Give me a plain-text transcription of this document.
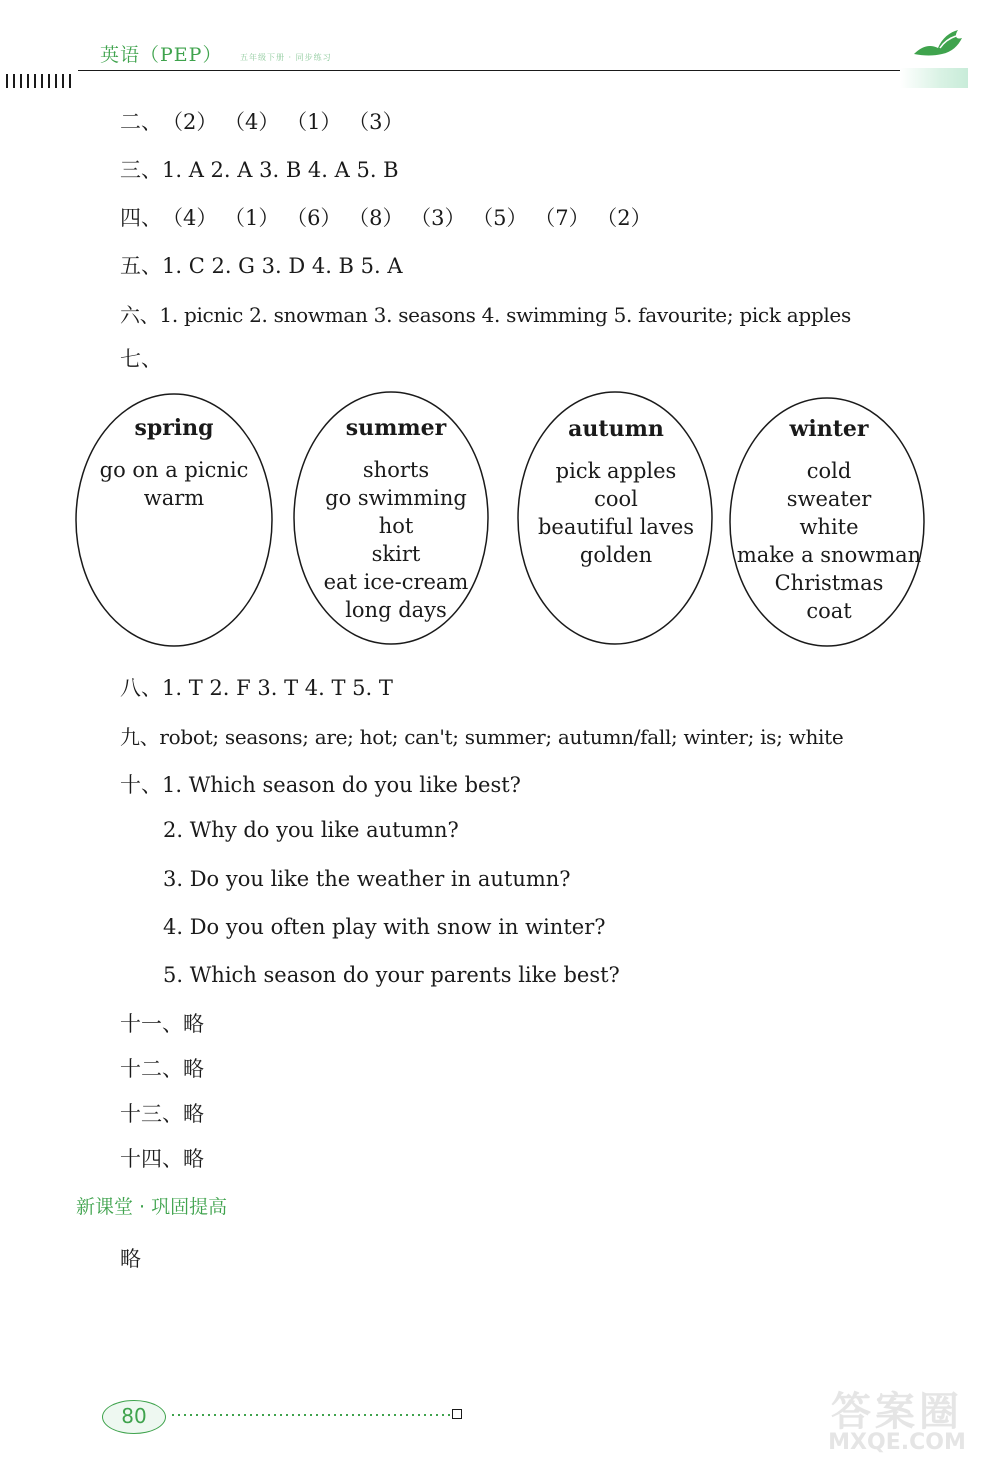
英语（PEP） 五年级下册 · 同步练习
二、（2） （4） （1） （3）
三、1. A 2. A 3. B 4. A 5. B
四、（4） （1） （6） （8） （3） （5） （7） （2）
五、1. C 2. G 3. D 4. B 5. A
六、1. picnic 2. snowman 3. seasons 4. swimming 5. favourite; pick apples
七、
spring
go on a picnic
warm
summer
shorts
go swimming
hot
skirt
eat ice-cream
long days
autumn
pick apples
cool
beautiful laves
golden
winter
cold
sweater
white
make a snowman
Christmas
coat
八、1. T 2. F 3. T 4. T 5. T
九、robot; seasons; are; hot; can't; summer; autumn/fall; winter; is; white
十、1. Which season do you like best?
2. Why do you like autumn?
3. Do you like the weather in autumn?
4. Do you often play with snow in winter?
5. Which season do your parents like best?
十一、略
十二、略
十三、略
十四、略
新课堂 · 巩固提高
略
80	答案圈
MXQE.COM
